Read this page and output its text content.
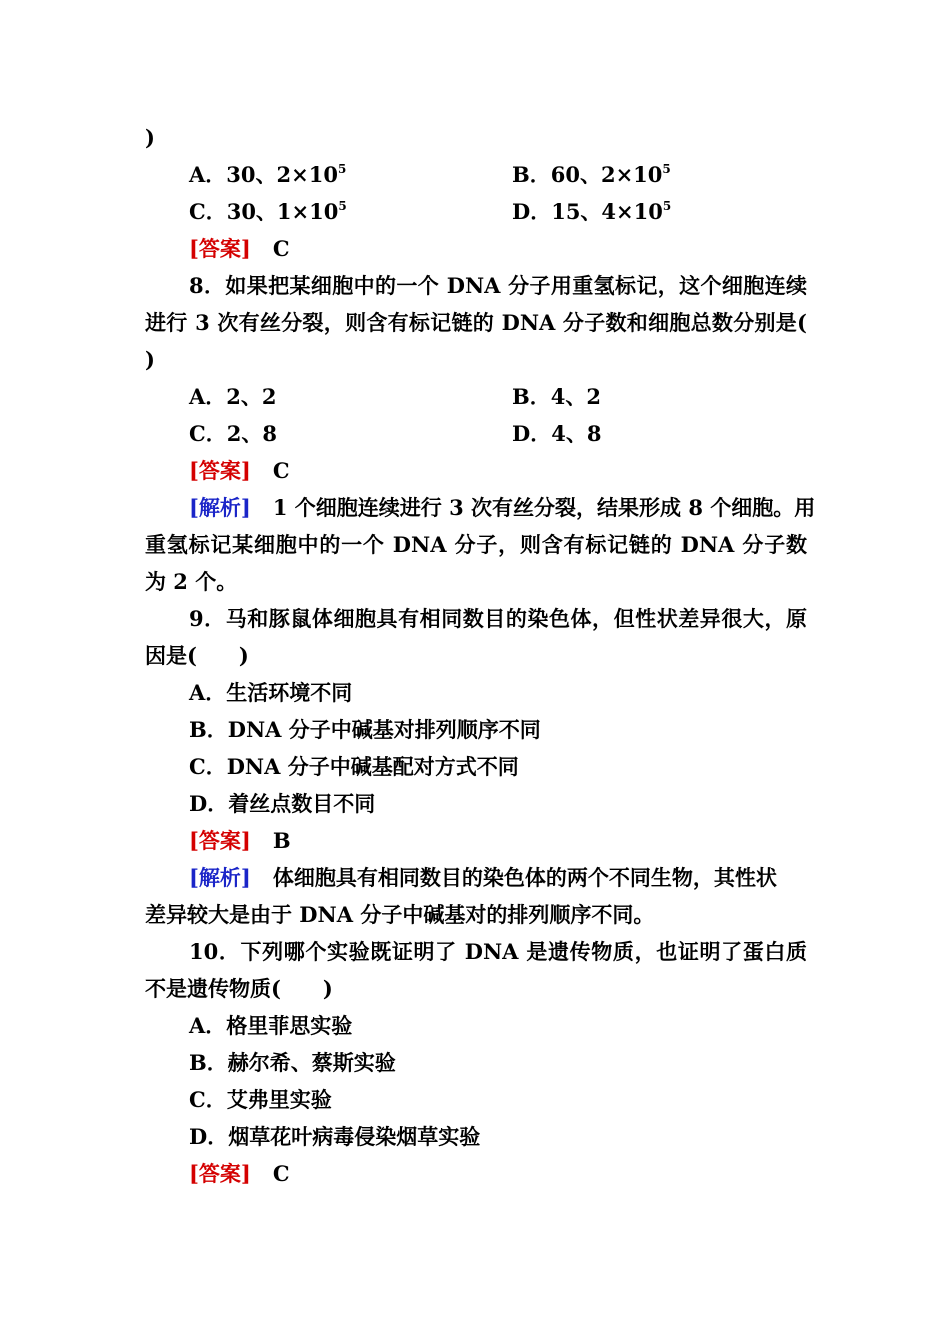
)
A．30、$2\times 10^5$	B．60、$2\times 10^5$
C．30、$1\times 10^5$	D．15、$4\times 10^5$
[答案] C
8．如果把某细胞中的一个 DNA 分子用重氢标记，这个细胞连续
进行 3 次有丝分裂，则含有标记链的 DNA 分子数和细胞总数分别是(
)
A．2、2	B．4、2
C．2、8	D．4、8
[答案] C
[解析] 1 个细胞连续进行 3 次有丝分裂，结果形成 8 个细胞。用
重氢标记某细胞中的一个 DNA 分子，则含有标记链的 DNA 分子数
为 2 个。
9．马和豚鼠体细胞具有相同数目的染色体，但性状差异很大，原
因是(　　)
A．生活环境不同
B．DNA 分子中碱基对排列顺序不同
C．DNA 分子中碱基配对方式不同
D．着丝点数目不同
[答案] B
[解析] 体细胞具有相同数目的染色体的两个不同生物，其性状
差异较大是由于 DNA 分子中碱基对的排列顺序不同。
10．下列哪个实验既证明了 DNA 是遗传物质，也证明了蛋白质
不是遗传物质(　　)
A．格里菲思实验
B．赫尔希、蔡斯实验
C．艾弗里实验
D．烟草花叶病毒侵染烟草实验
[答案] C
